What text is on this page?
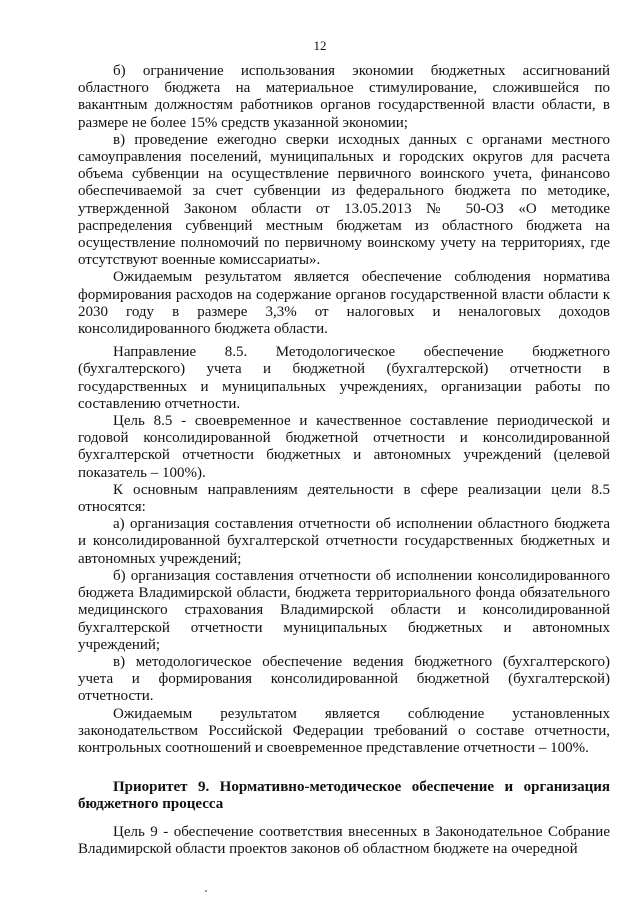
12

б) ограничение использования экономии бюджетных ассигнований областного бюджета на материальное стимулирование, сложившейся по вакантным должностям работников органов государственной власти области, в размере не более 15% средств указанной экономии;

в) проведение ежегодно сверки исходных данных с органами местного самоуправления поселений, муниципальных и городских округов для расчета объема субвенции на осуществление первичного воинского учета, финансово обеспечиваемой за счет субвенции из федерального бюджета по методике, утвержденной Законом области от 13.05.2013 № 50-ОЗ «О методике распределения субвенций местным бюджетам из областного бюджета на осуществление полномочий по первичному воинскому учету на территориях, где отсутствуют военные комиссариаты».

Ожидаемым результатом является обеспечение соблюдения норматива формирования расходов на содержание органов государственной власти области к 2030 году в размере 3,3% от налоговых и неналоговых доходов консолидированного бюджета области.

Направление 8.5. Методологическое обеспечение бюджетного (бухгалтерского) учета и бюджетной (бухгалтерской) отчетности в государственных и муниципальных учреждениях, организации работы по составлению отчетности.

Цель 8.5 - своевременное и качественное составление периодической и годовой консолидированной бюджетной отчетности и консолидированной бухгалтерской отчетности бюджетных и автономных учреждений (целевой показатель – 100%).

К основным направлениям деятельности в сфере реализации цели 8.5 относятся:

а) организация составления отчетности об исполнении областного бюджета и консолидированной бухгалтерской отчетности государственных бюджетных и автономных учреждений;

б) организация составления отчетности об исполнении консолидированного бюджета Владимирской области, бюджета территориального фонда обязательного медицинского страхования Владимирской области и консолидированной бухгалтерской отчетности муниципальных бюджетных и автономных учреждений;

в) методологическое обеспечение ведения бюджетного (бухгалтерского) учета и формирования консолидированной бюджетной (бухгалтерской) отчетности.

Ожидаемым результатом является соблюдение установленных законодательством Российской Федерации требований о составе отчетности, контрольных соотношений и своевременное представление отчетности – 100%.

Приоритет 9. Нормативно-методическое обеспечение и организация бюджетного процесса

Цель 9 - обеспечение соответствия внесенных в Законодательное Собрание Владимирской области проектов законов об областном бюджете на очередной
